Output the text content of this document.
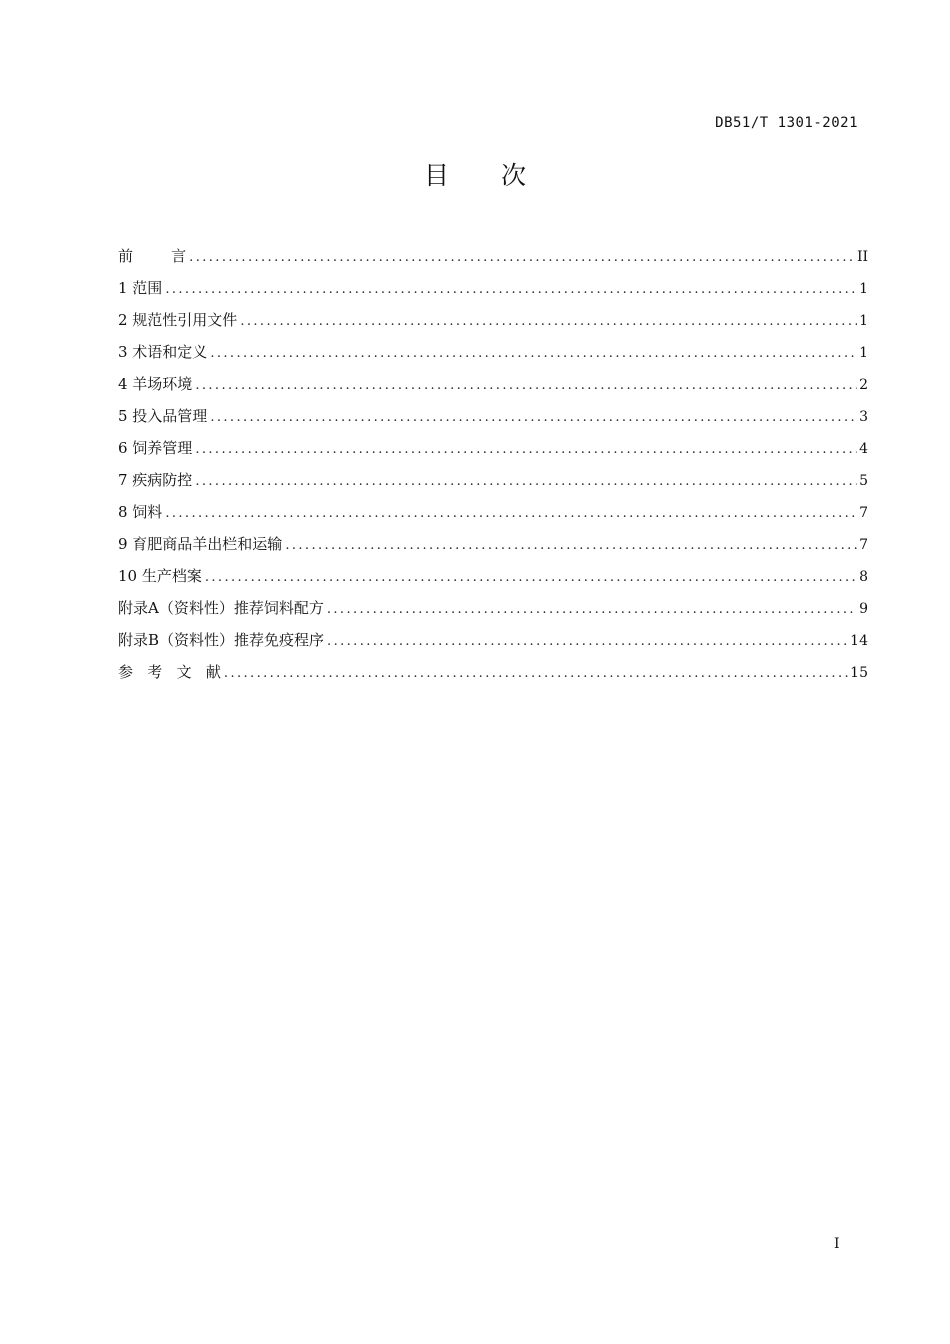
DB51/T 1301-2021
目次
前        言 .....	II
1 范围 .....	1
2 规范性引用文件 .....	1
3 术语和定义 .....	1
4 羊场环境 .....	2
5 投入品管理 .....	3
6 饲养管理 .....	4
7 疾病防控 .....	5
8 饲料 .....	7
9 育肥商品羊出栏和运输 .....	7
10 生产档案 .....	8
附录A（资料性）推荐饲料配方 .....	9
附录B（资料性）推荐免疫程序 .....	14
参   考   文   献 .....	15
I
